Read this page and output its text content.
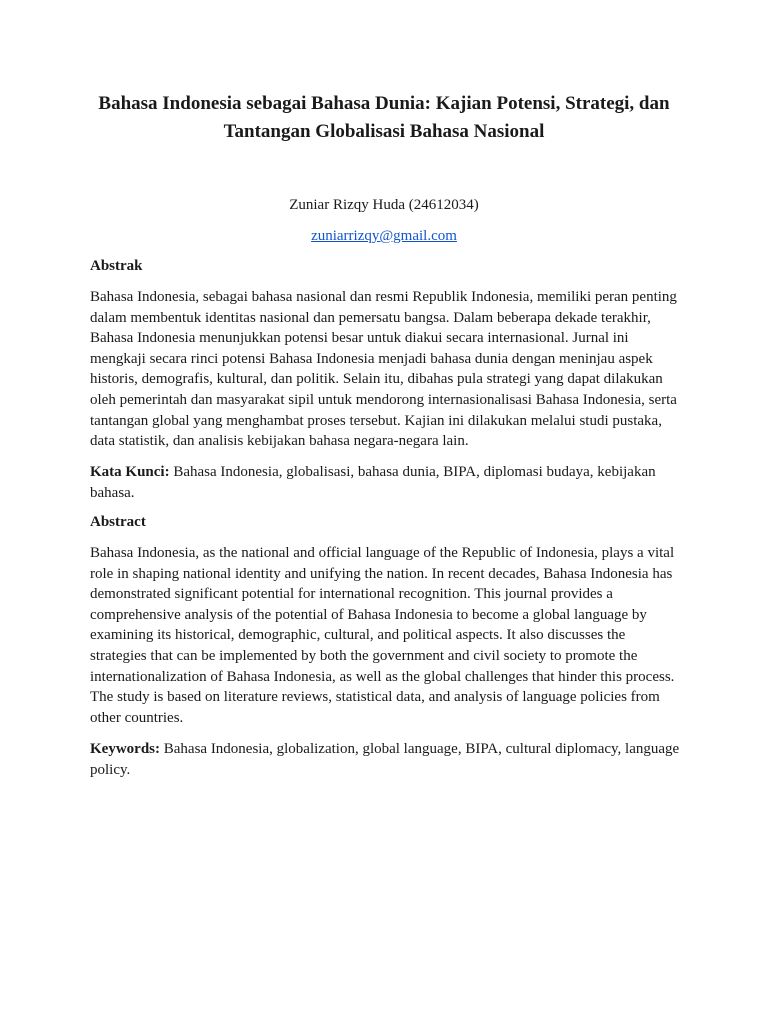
Bahasa Indonesia sebagai Bahasa Dunia: Kajian Potensi, Strategi, dan Tantangan Globalisasi Bahasa Nasional

Zuniar Rizqy Huda (24612034)

zuniarrizqy@gmail.com

Abstrak

Bahasa Indonesia, sebagai bahasa nasional dan resmi Republik Indonesia, memiliki peran penting dalam membentuk identitas nasional dan pemersatu bangsa. Dalam beberapa dekade terakhir, Bahasa Indonesia menunjukkan potensi besar untuk diakui secara internasional. Jurnal ini mengkaji secara rinci potensi Bahasa Indonesia menjadi bahasa dunia dengan meninjau aspek historis, demografis, kultural, dan politik. Selain itu, dibahas pula strategi yang dapat dilakukan oleh pemerintah dan masyarakat sipil untuk mendorong internasionalisasi Bahasa Indonesia, serta tantangan global yang menghambat proses tersebut. Kajian ini dilakukan melalui studi pustaka, data statistik, dan analisis kebijakan bahasa negara-negara lain.

Kata Kunci: Bahasa Indonesia, globalisasi, bahasa dunia, BIPA, diplomasi budaya, kebijakan bahasa.

Abstract

Bahasa Indonesia, as the national and official language of the Republic of Indonesia, plays a vital role in shaping national identity and unifying the nation. In recent decades, Bahasa Indonesia has demonstrated significant potential for international recognition. This journal provides a comprehensive analysis of the potential of Bahasa Indonesia to become a global language by examining its historical, demographic, cultural, and political aspects. It also discusses the strategies that can be implemented by both the government and civil society to promote the internationalization of Bahasa Indonesia, as well as the global challenges that hinder this process. The study is based on literature reviews, statistical data, and analysis of language policies from other countries.

Keywords: Bahasa Indonesia, globalization, global language, BIPA, cultural diplomacy, language policy.
